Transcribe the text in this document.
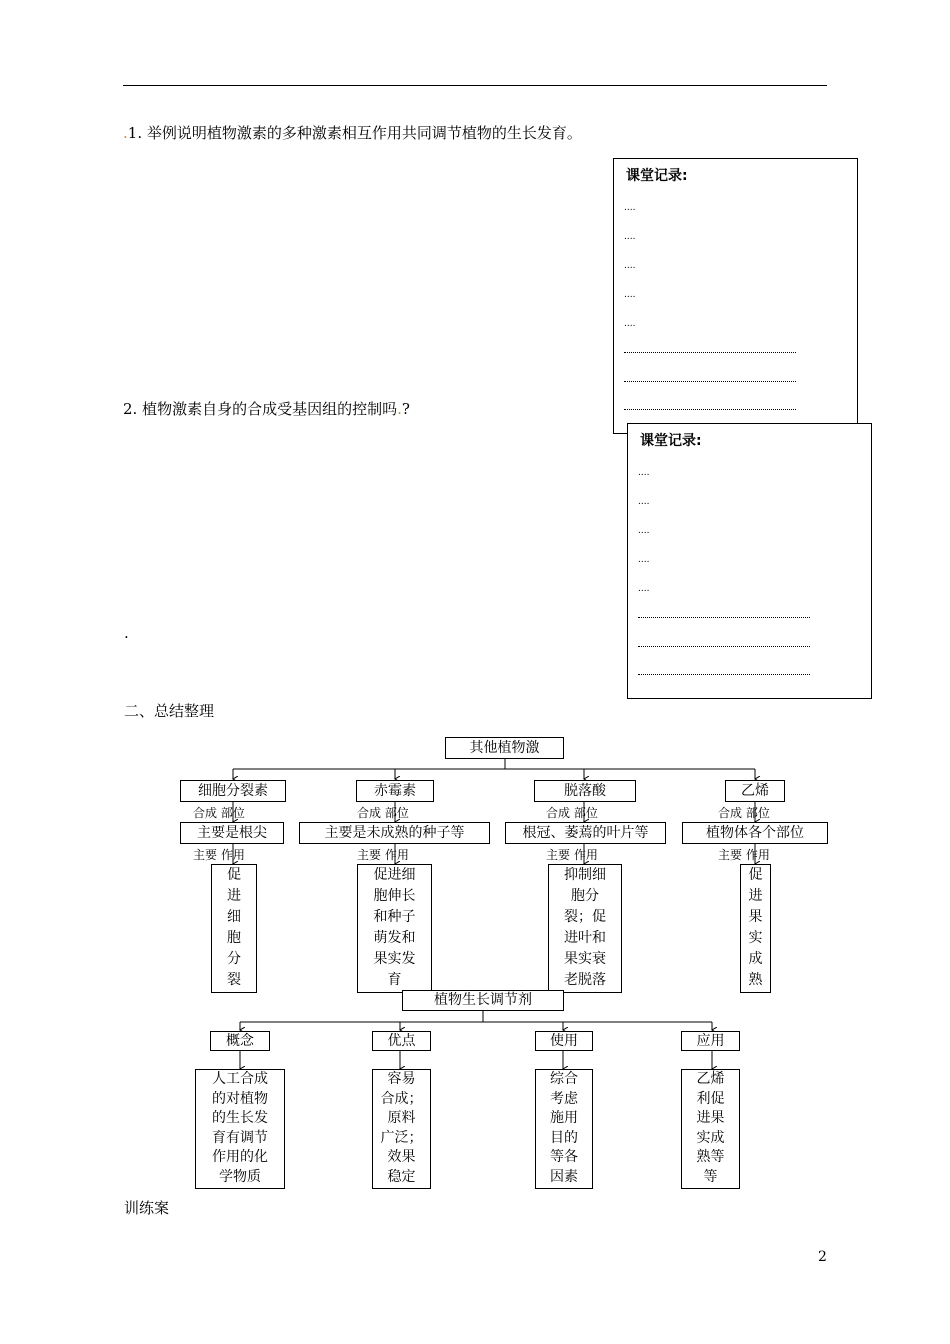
.1. 举例说明植物激素的多种激素相互作用共同调节植物的生长发育。
2. 植物激素自身的合成受基因组的控制吗.?
.
课堂记录:
....
....
....
....
....
课堂记录:
....
....
....
....
....
二、总结整理
其他植物激
细胞分裂素
合成 部位
主要是根尖
主要 作用
促
进
细
胞
分
裂
赤霉素
合成 部位
主要是未成熟的种子等
主要 作用
促进细
胞伸长
和种子
萌发和
果实发
育
脱落酸
合成 部位
根冠、萎蔫的叶片等
主要 作用
抑制细
胞分
裂；促
进叶和
果实衰
老脱落
乙烯
合成 部位
植物体各个部位
主要 作用
促
进
果
实
成
熟
植物生长调节剂
概念
人工合成
的对植物
的生长发
育有调节
作用的化
学物质
优点
容易
合成；
原料
广泛；
效果
稳定
使用
综合
考虑
施用
目的
等各
因素
应用
乙烯
利促
进果
实成
熟等
等
训练案
2
